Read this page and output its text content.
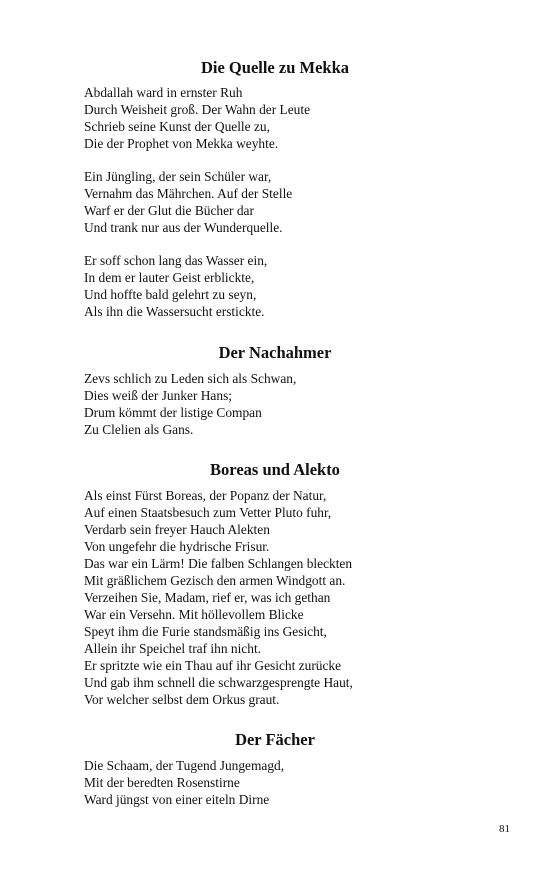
Die Quelle zu Mekka
Abdallah ward in ernster Ruh
Durch Weisheit groß. Der Wahn der Leute
Schrieb seine Kunst der Quelle zu,
Die der Prophet von Mekka weyhte.
Ein Jüngling, der sein Schüler war,
Vernahm das Mährchen. Auf der Stelle
Warf er der Glut die Bücher dar
Und trank nur aus der Wunderquelle.
Er soff schon lang das Wasser ein,
In dem er lauter Geist erblickte,
Und hoffte bald gelehrt zu seyn,
Als ihn die Wassersucht erstickte.
Der Nachahmer
Zevs schlich zu Leden sich als Schwan,
Dies weiß der Junker Hans;
Drum kömmt der listige Compan
Zu Clelien als Gans.
Boreas und Alekto
Als einst Fürst Boreas, der Popanz der Natur,
Auf einen Staatsbesuch zum Vetter Pluto fuhr,
Verdarb sein freyer Hauch Alekten
Von ungefehr die hydrische Frisur.
Das war ein Lärm! Die falben Schlangen bleckten
Mit gräßlichem Gezisch den armen Windgott an.
Verzeihen Sie, Madam, rief er, was ich gethan
War ein Versehn. Mit höllevollem Blicke
Speyt ihm die Furie standsmäßig ins Gesicht,
Allein ihr Speichel traf ihn nicht.
Er spritzte wie ein Thau auf ihr Gesicht zurücke
Und gab ihm schnell die schwarzgesprengte Haut,
Vor welcher selbst dem Orkus graut.
Der Fächer
Die Schaam, der Tugend Jungemagd,
Mit der beredten Rosenstirne
Ward jüngst von einer eiteln Dirne
81
